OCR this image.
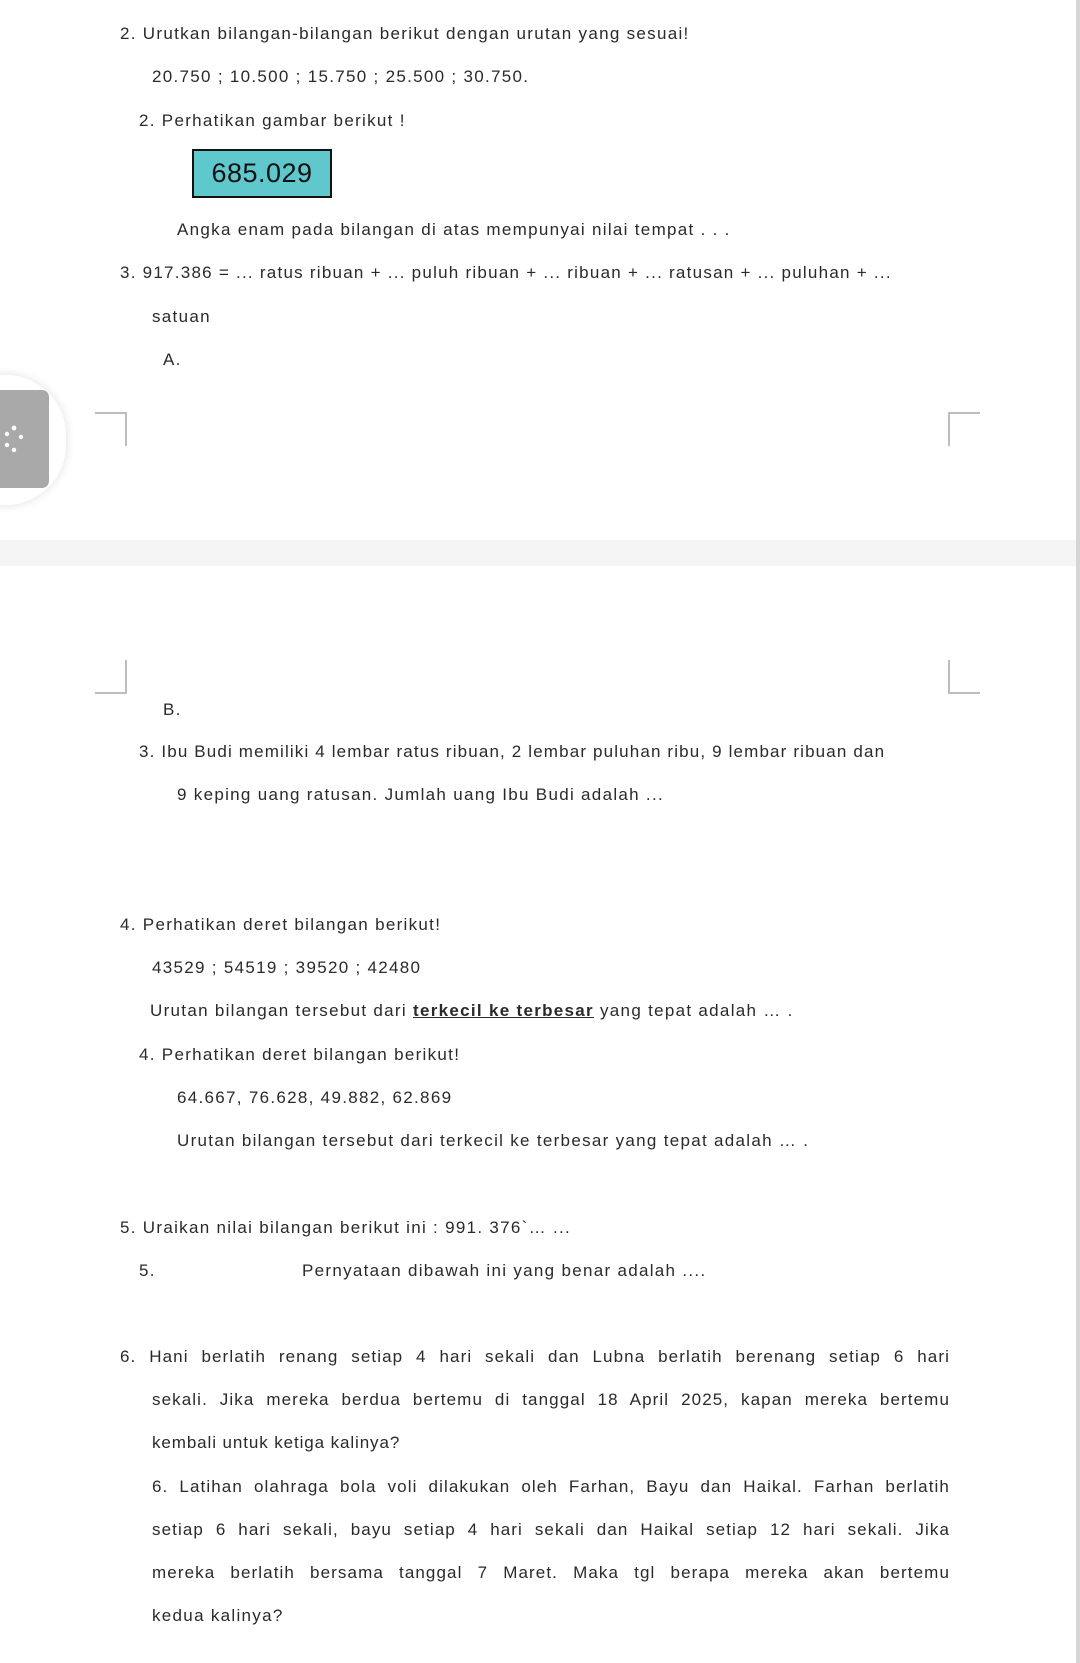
2. Urutkan bilangan-bilangan berikut dengan urutan yang sesuai!
20.750 ; 10.500 ; 15.750 ; 25.500 ; 30.750.
2. Perhatikan gambar berikut !
685.029
Angka enam pada bilangan di atas mempunyai nilai tempat . . .
3. 917.386 = ... ratus ribuan + ... puluh ribuan + ... ribuan + ... ratusan + ... puluhan + ...
satuan
A.
B.
3. Ibu Budi memiliki 4 lembar ratus ribuan, 2 lembar puluhan ribu, 9 lembar ribuan dan
9 keping uang ratusan. Jumlah uang Ibu Budi adalah ...
4. Perhatikan deret bilangan berikut!
43529 ; 54519 ; 39520 ; 42480
Urutan bilangan tersebut dari terkecil ke terbesar yang tepat adalah … .
4. Perhatikan deret bilangan berikut!
64.667, 76.628, 49.882, 62.869
Urutan bilangan tersebut dari terkecil ke terbesar yang tepat adalah … .
5. Uraikan nilai bilangan berikut ini : 991. 376`… ...
5.	Pernyataan dibawah ini yang benar adalah ....
6. Hani berlatih renang setiap 4 hari sekali dan Lubna berlatih berenang setiap 6 hari
sekali. Jika mereka berdua bertemu di tanggal 18 April 2025, kapan mereka bertemu
kembali untuk ketiga kalinya?
6. Latihan olahraga bola voli dilakukan oleh Farhan, Bayu dan Haikal. Farhan berlatih
setiap 6 hari sekali, bayu setiap 4 hari sekali dan Haikal setiap 12 hari sekali. Jika
mereka berlatih bersama tanggal 7 Maret. Maka tgl berapa mereka akan bertemu
kedua kalinya?
